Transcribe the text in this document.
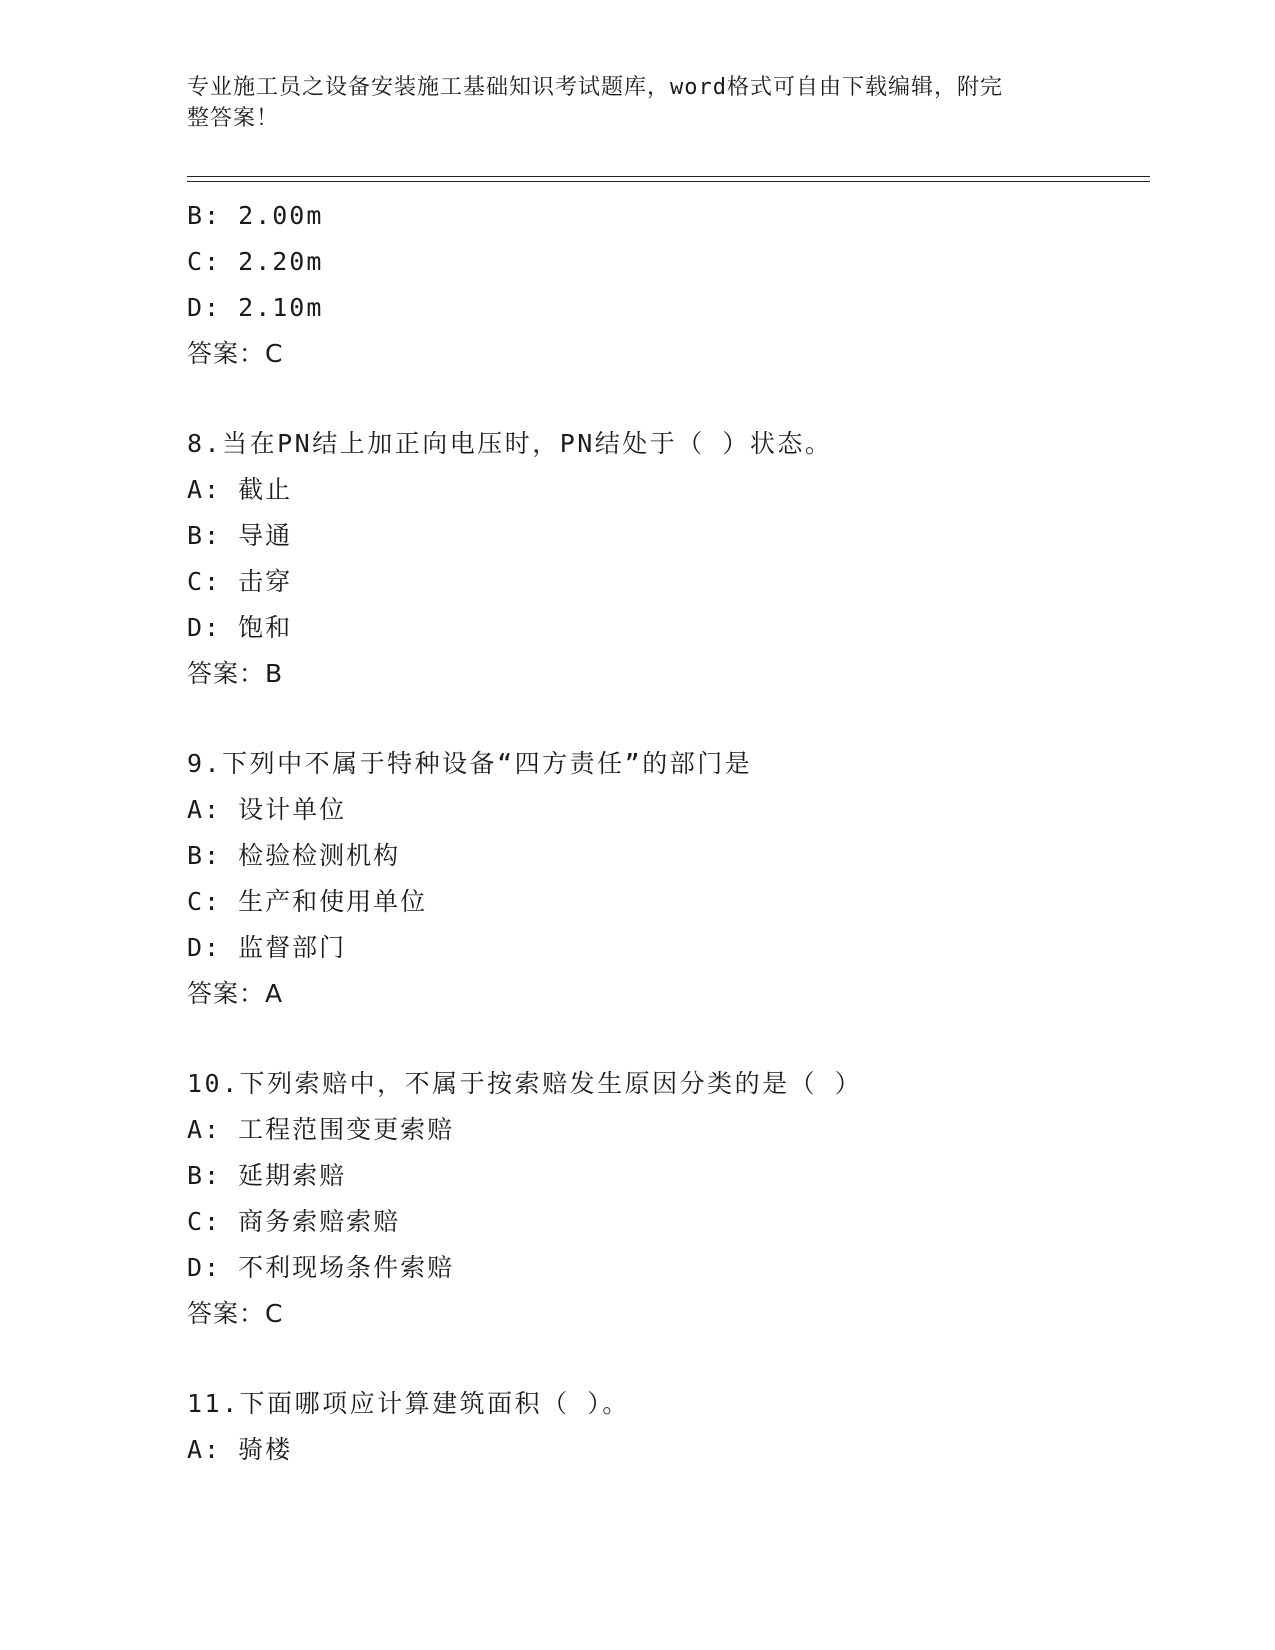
专业施工员之设备安装施工基础知识考试题库，word格式可自由下载编辑，附完
整答案！
B: 2.00m
C: 2.20m
D: 2.10m
答案：C
8.当在PN结上加正向电压时，PN结处于（ ）状态。
A: 截止
B: 导通
C: 击穿
D: 饱和
答案：B
9.下列中不属于特种设备“四方责任”的部门是
A: 设计单位
B: 检验检测机构
C: 生产和使用单位
D: 监督部门
答案：A
10.下列索赔中，不属于按索赔发生原因分类的是（ ）
A: 工程范围变更索赔
B: 延期索赔
C: 商务索赔索赔
D: 不利现场条件索赔
答案：C
11.下面哪项应计算建筑面积（ ）。
A: 骑楼
